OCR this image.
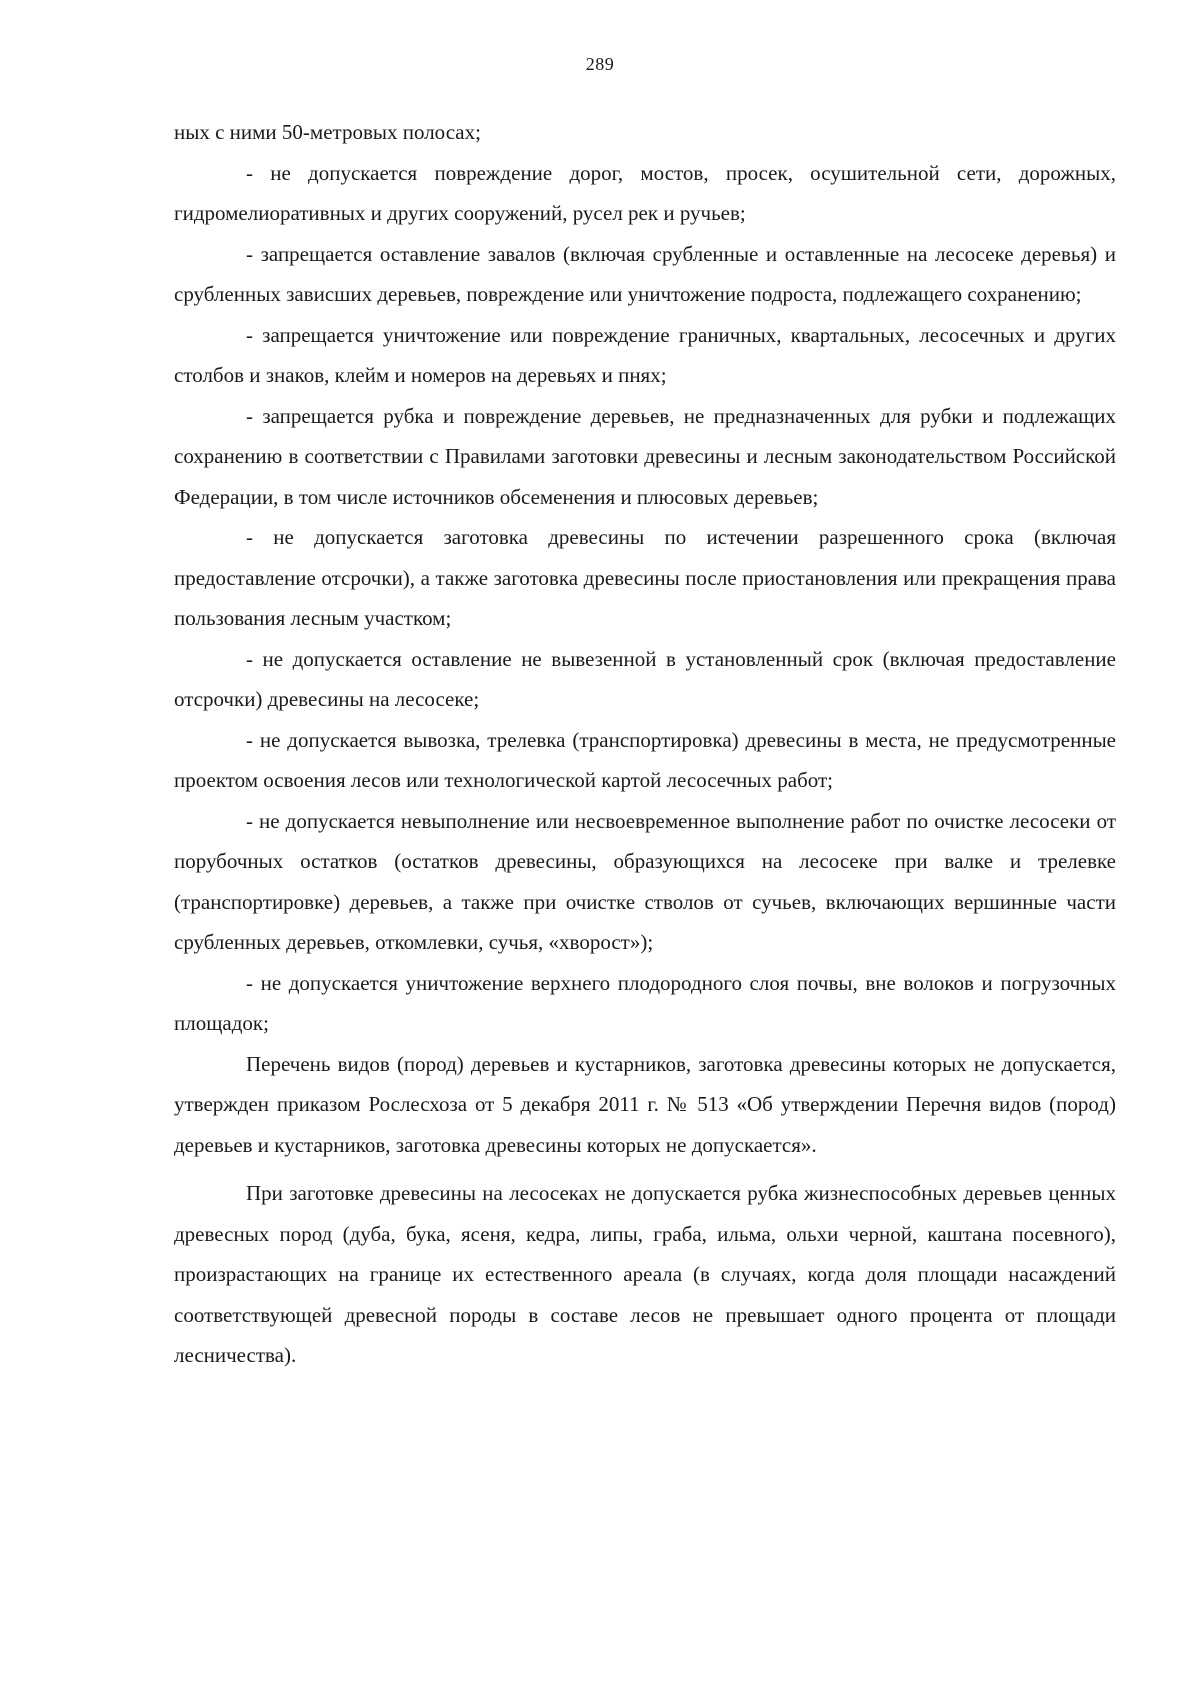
289

ных с ними 50-метровых полосах;

- не допускается повреждение дорог, мостов, просек, осушительной сети, дорожных, гидромелиоративных и других сооружений, русел рек и ручьев;

- запрещается оставление завалов (включая срубленные и оставленные на лесосеке деревья) и срубленных зависших деревьев, повреждение или уничтожение подроста, подлежащего сохранению;

- запрещается уничтожение или повреждение граничных, квартальных, лесосечных и других столбов и знаков, клейм и номеров на деревьях и пнях;

- запрещается рубка и повреждение деревьев, не предназначенных для рубки и подлежащих сохранению в соответствии с Правилами заготовки древесины и лесным законодательством Российской Федерации, в том числе источников обсеменения и плюсовых деревьев;

- не допускается заготовка древесины по истечении разрешенного срока (включая предоставление отсрочки), а также заготовка древесины после приостановления или прекращения права пользования лесным участком;

- не допускается оставление не вывезенной в установленный срок (включая предоставление отсрочки) древесины на лесосеке;

- не допускается вывозка, трелевка (транспортировка) древесины в места, не предусмотренные проектом освоения лесов или технологической картой лесосечных работ;

- не допускается невыполнение или несвоевременное выполнение работ по очистке лесосеки от порубочных остатков (остатков древесины, образующихся на лесосеке при валке и трелевке (транспортировке) деревьев, а также при очистке стволов от сучьев, включающих вершинные части срубленных деревьев, откомлевки, сучья, «хворост»);

- не допускается уничтожение верхнего плодородного слоя почвы, вне волоков и погрузочных площадок;

Перечень видов (пород) деревьев и кустарников, заготовка древесины которых не допускается, утвержден приказом Рослесхоза от 5 декабря 2011 г. № 513 «Об утверждении Перечня видов (пород) деревьев и кустарников, заготовка древесины которых не допускается».

При заготовке древесины на лесосеках не допускается рубка жизнеспособных деревьев ценных древесных пород (дуба, бука, ясеня, кедра, липы, граба, ильма, ольхи черной, каштана посевного), произрастающих на границе их естественного ареала (в случаях, когда доля площади насаждений соответствующей древесной породы в составе лесов не превышает одного процента от площади лесничества).
